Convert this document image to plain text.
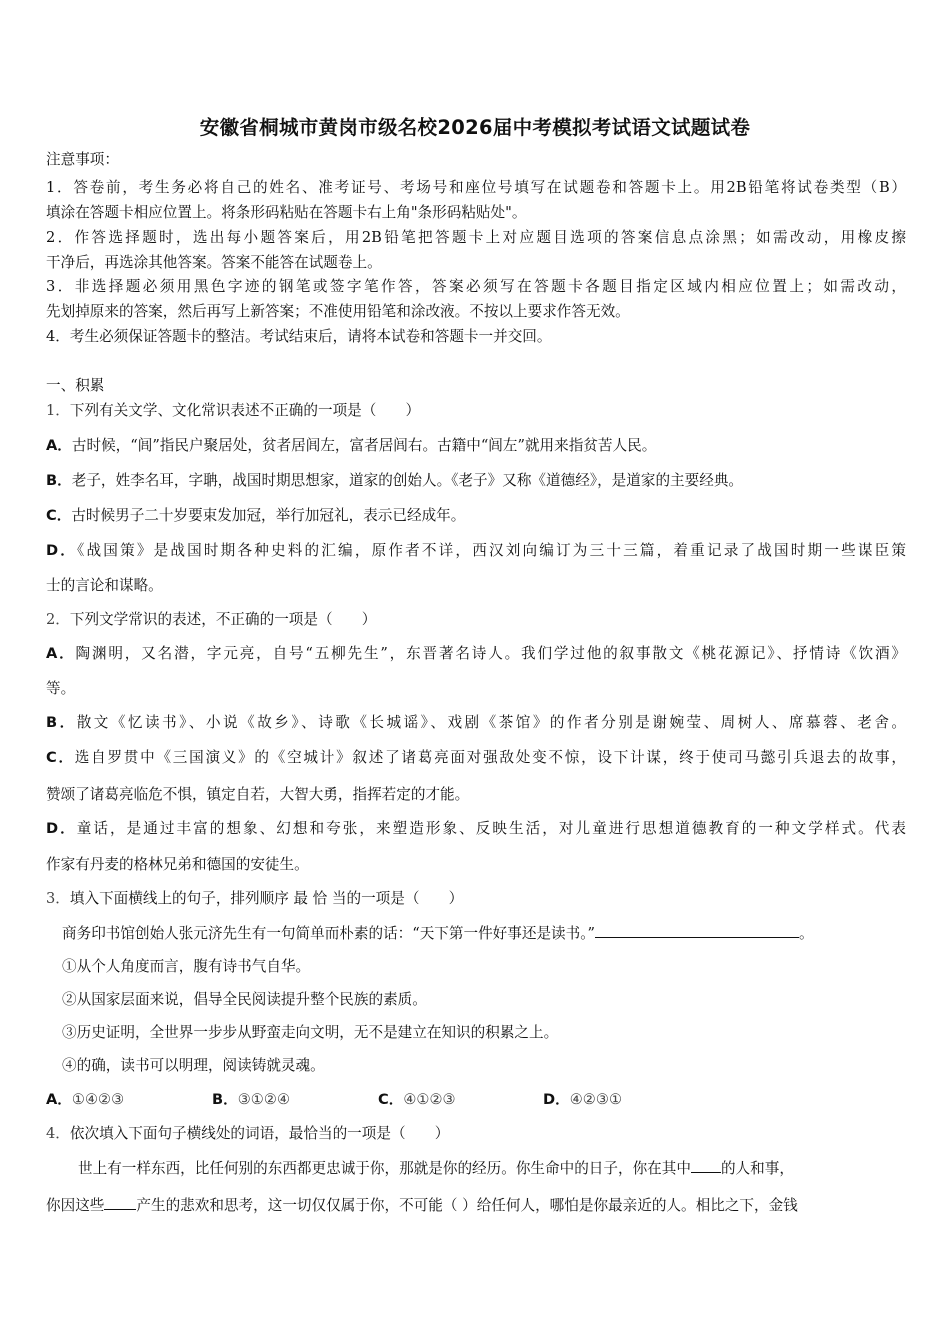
安徽省桐城市黄岗市级名校2026届中考模拟考试语文试题试卷
注意事项：
1．答卷前，考生务必将自己的姓名、准考证号、考场号和座位号填写在试题卷和答题卡上。用2B铅笔将试卷类型（B）
填涂在答题卡相应位置上。将条形码粘贴在答题卡右上角"条形码粘贴处"。
2．作答选择题时，选出每小题答案后，用2B铅笔把答题卡上对应题目选项的答案信息点涂黑；如需改动，用橡皮擦
干净后，再选涂其他答案。答案不能答在试题卷上。
3．非选择题必须用黑色字迹的钢笔或签字笔作答，答案必须写在答题卡各题目指定区域内相应位置上；如需改动，
先划掉原来的答案，然后再写上新答案；不准使用铅笔和涂改液。不按以上要求作答无效。
4．考生必须保证答题卡的整洁。考试结束后，请将本试卷和答题卡一并交回。
一、积累
1．下列有关文学、文化常识表述不正确的一项是（　　）
A．古时候，“闾”指民户聚居处，贫者居闾左，富者居闾右。古籍中“闾左”就用来指贫苦人民。
B．老子，姓李名耳，字聃，战国时期思想家，道家的创始人。《老子》又称《道德经》，是道家的主要经典。
C．古时候男子二十岁要束发加冠，举行加冠礼，表示已经成年。
D．《战国策》是战国时期各种史料的汇编，原作者不详，西汉刘向编订为三十三篇，着重记录了战国时期一些谋臣策
士的言论和谋略。
2．下列文学常识的表述，不正确的一项是（　　）
A．陶渊明，又名潜，字元亮，自号“五柳先生”，东晋著名诗人。我们学过他的叙事散文《桃花源记》、抒情诗《饮酒》
等。
B．散文《忆读书》、小说《故乡》、诗歌《长城谣》、戏剧《茶馆》的作者分别是谢婉莹、周树人、席慕蓉、老舍。
C．选自罗贯中《三国演义》的《空城计》叙述了诸葛亮面对强敌处变不惊，设下计谋，终于使司马懿引兵退去的故事，
赞颂了诸葛亮临危不惧，镇定自若，大智大勇，指挥若定的才能。
D．童话，是通过丰富的想象、幻想和夸张，来塑造形象、反映生活，对儿童进行思想道德教育的一种文学样式。代表
作家有丹麦的格林兄弟和德国的安徒生。
3．填入下面横线上的句子，排列顺序 最 恰 当的一项是（　　）
商务印书馆创始人张元济先生有一句简单而朴素的话：“天下第一件好事还是读书。”	。
①从个人角度而言，腹有诗书气自华。
②从国家层面来说，倡导全民阅读提升整个民族的素质。
③历史证明，全世界一步步从野蛮走向文明，无不是建立在知识的积累之上。
④的确，读书可以明理，阅读铸就灵魂。
A．①④②③	B．③①②④	C．④①②③	D．④②③①
4．依次填入下面句子横线处的词语，最恰当的一项是（　　）
世上有一样东西，比任何别的东西都更忠诚于你，那就是你的经历。你生命中的日子，你在其中 的人和事，
你因这些 产生的悲欢和思考，这一切仅仅属于你，不可能（ ）给任何人，哪怕是你最亲近的人。相比之下，金钱
